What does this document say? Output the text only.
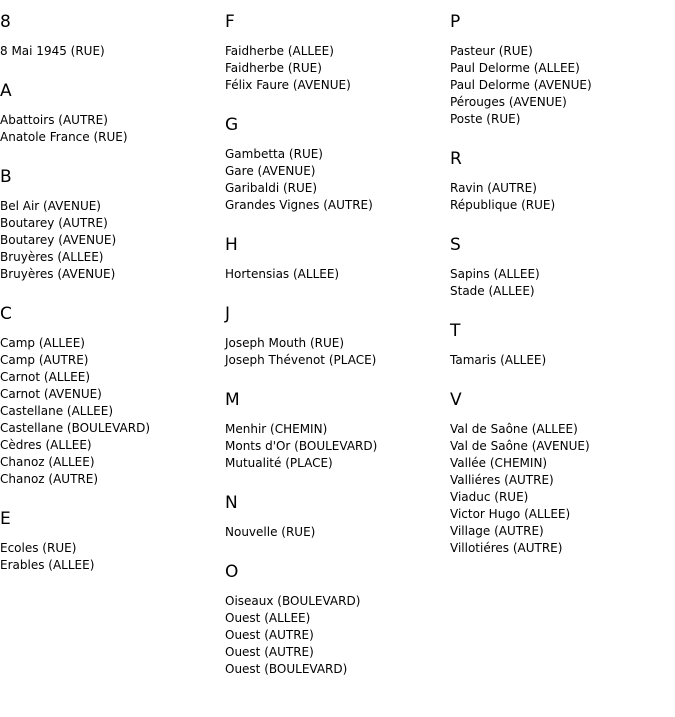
8
8 Mai 1945 (RUE)
A
Abattoirs (AUTRE)
Anatole France (RUE)
B
Bel Air (AVENUE)
Boutarey (AUTRE)
Boutarey (AVENUE)
Bruyères (ALLEE)
Bruyères (AVENUE)
C
Camp (ALLEE)
Camp (AUTRE)
Carnot (ALLEE)
Carnot (AVENUE)
Castellane (ALLEE)
Castellane (BOULEVARD)
Cèdres (ALLEE)
Chanoz (ALLEE)
Chanoz (AUTRE)
E
Ecoles (RUE)
Erables (ALLEE)
F
Faidherbe (ALLEE)
Faidherbe (RUE)
Félix Faure (AVENUE)
G
Gambetta (RUE)
Gare (AVENUE)
Garibaldi (RUE)
Grandes Vignes (AUTRE)
H
Hortensias (ALLEE)
J
Joseph Mouth (RUE)
Joseph Thévenot (PLACE)
M
Menhir (CHEMIN)
Monts d'Or (BOULEVARD)
Mutualité (PLACE)
N
Nouvelle (RUE)
O
Oiseaux (BOULEVARD)
Ouest (ALLEE)
Ouest (AUTRE)
Ouest (AUTRE)
Ouest (BOULEVARD)
P
Pasteur (RUE)
Paul Delorme (ALLEE)
Paul Delorme (AVENUE)
Pérouges (AVENUE)
Poste (RUE)
R
Ravin (AUTRE)
République (RUE)
S
Sapins (ALLEE)
Stade (ALLEE)
T
Tamaris (ALLEE)
V
Val de Saône (ALLEE)
Val de Saône (AVENUE)
Vallée (CHEMIN)
Valliéres (AUTRE)
Viaduc (RUE)
Victor Hugo (ALLEE)
Village (AUTRE)
Villotiéres (AUTRE)
